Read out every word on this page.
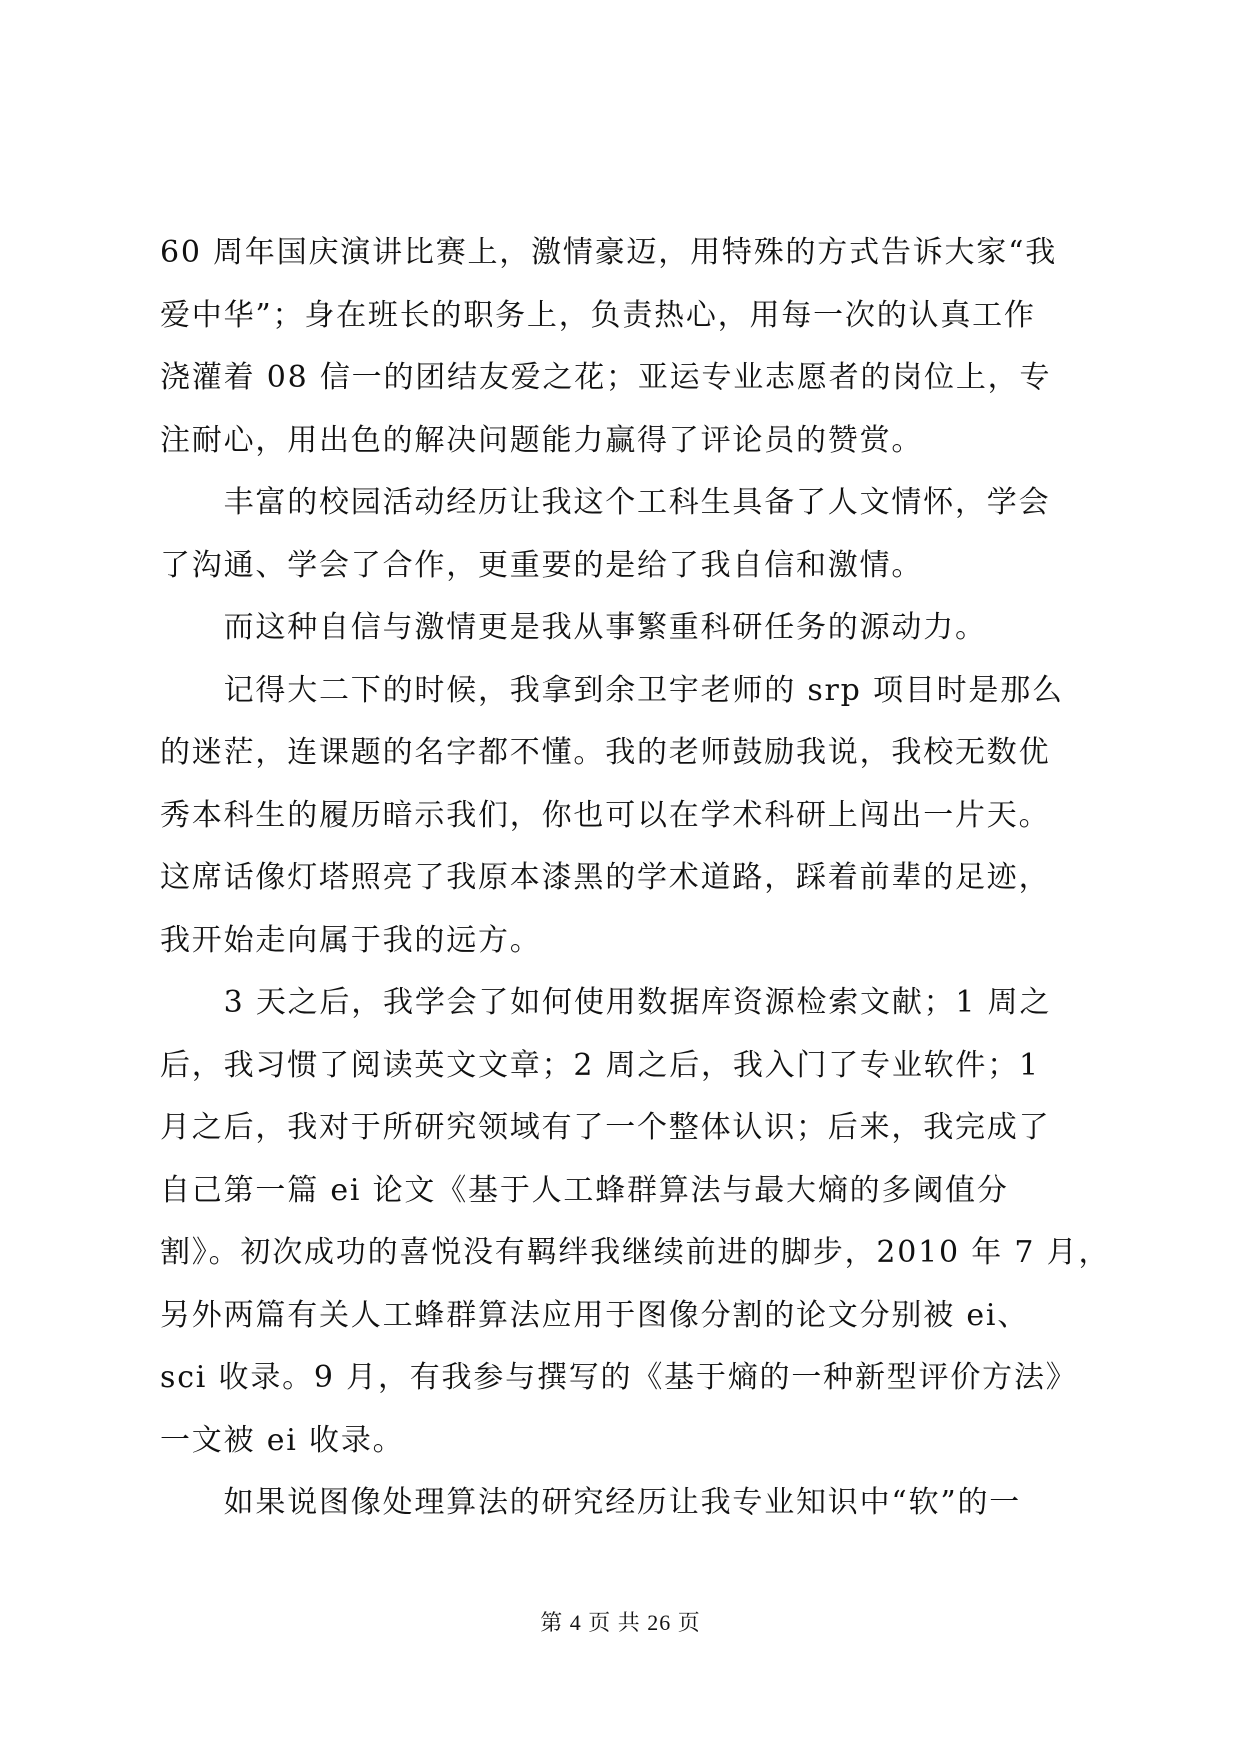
60 周年国庆演讲比赛上，激情豪迈，用特殊的方式告诉大家“我
爱中华”；身在班长的职务上，负责热心，用每一次的认真工作
浇灌着 08 信一的团结友爱之花；亚运专业志愿者的岗位上，专
注耐心，用出色的解决问题能力赢得了评论员的赞赏。
　　丰富的校园活动经历让我这个工科生具备了人文情怀，学会
了沟通、学会了合作，更重要的是给了我自信和激情。
　　而这种自信与激情更是我从事繁重科研任务的源动力。
　　记得大二下的时候，我拿到余卫宇老师的 srp 项目时是那么
的迷茫，连课题的名字都不懂。我的老师鼓励我说，我校无数优
秀本科生的履历暗示我们，你也可以在学术科研上闯出一片天。
这席话像灯塔照亮了我原本漆黑的学术道路，踩着前辈的足迹，
我开始走向属于我的远方。
　　3 天之后，我学会了如何使用数据库资源检索文献；1 周之
后，我习惯了阅读英文文章；2 周之后，我入门了专业软件；1
月之后，我对于所研究领域有了一个整体认识；后来，我完成了
自己第一篇 ei 论文《基于人工蜂群算法与最大熵的多阈值分
割》。初次成功的喜悦没有羁绊我继续前进的脚步，2010 年 7 月，
另外两篇有关人工蜂群算法应用于图像分割的论文分别被 ei、
sci 收录。9 月，有我参与撰写的《基于熵的一种新型评价方法》
一文被 ei 收录。
　　如果说图像处理算法的研究经历让我专业知识中“软”的一
第 4 页 共 26 页
